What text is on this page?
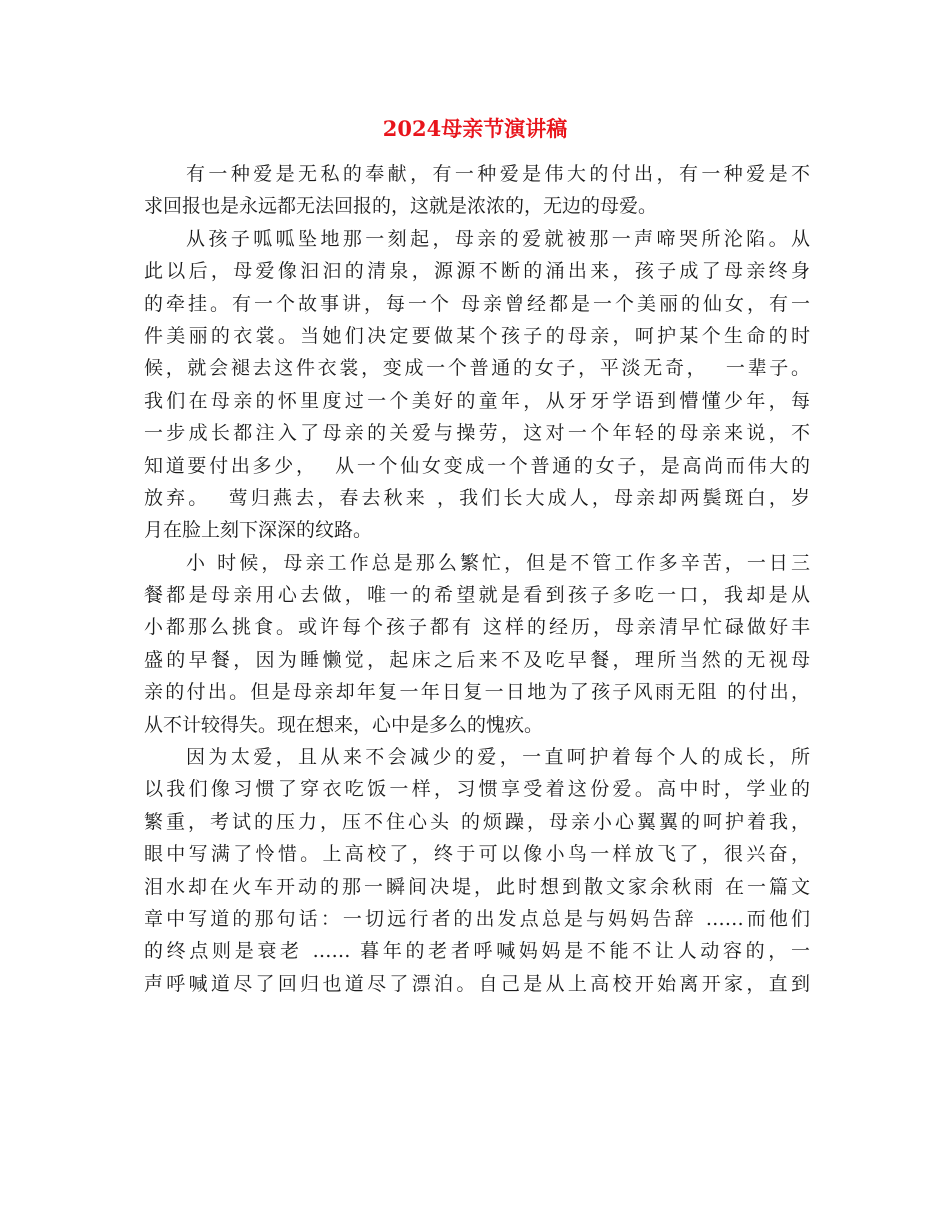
2024母亲节演讲稿
有一种爱是无私的奉献，有一种爱是伟大的付出，有一种爱是不
求回报也是永远都无法回报的，这就是浓浓的，无边的母爱。
从孩子呱呱坠地那一刻起，母亲的爱就被那一声啼哭所沦陷。从
此以后，母爱像汩汩的清泉，源源不断的涌出来，孩子成了母亲终身
的牵挂。有一个故事讲，每一个 母亲曾经都是一个美丽的仙女，有一
件美丽的衣裳。当她们决定要做某个孩子的母亲，呵护某个生命的时
候，就会褪去这件衣裳，变成一个普通的女子，平淡无奇，  一辈子。
我们在母亲的怀里度过一个美好的童年，从牙牙学语到懵懂少年，每
一步成长都注入了母亲的关爱与操劳，这对一个年轻的母亲来说，不
知道要付出多少，  从一个仙女变成一个普通的女子，是高尚而伟大的
放弃。  莺归燕去，春去秋来 ，我们长大成人，母亲却两鬓斑白，岁
月在脸上刻下深深的纹路。
小 时候，母亲工作总是那么繁忙，但是不管工作多辛苦，一日三
餐都是母亲用心去做，唯一的希望就是看到孩子多吃一口，我却是从
小都那么挑食。或许每个孩子都有 这样的经历，母亲清早忙碌做好丰
盛的早餐，因为睡懒觉，起床之后来不及吃早餐，理所当然的无视母
亲的付出。但是母亲却年复一年日复一日地为了孩子风雨无阻 的付出，
从不计较得失。现在想来，心中是多么的愧疚。
因为太爱，且从来不会减少的爱，一直呵护着每个人的成长，所
以我们像习惯了穿衣吃饭一样，习惯享受着这份爱。高中时，学业的
繁重，考试的压力，压不住心头 的烦躁，母亲小心翼翼的呵护着我，
眼中写满了怜惜。上高校了，终于可以像小鸟一样放飞了，很兴奋，
泪水却在火车开动的那一瞬间决堤，此时想到散文家余秋雨 在一篇文
章中写道的那句话：一切远行者的出发点总是与妈妈告辞 ……而他们
的终点则是衰老 …… 暮年的老者呼喊妈妈是不能不让人动容的，一
声呼喊道尽了回归也道尽了漂泊。自己是从上高校开始离开家，直到
